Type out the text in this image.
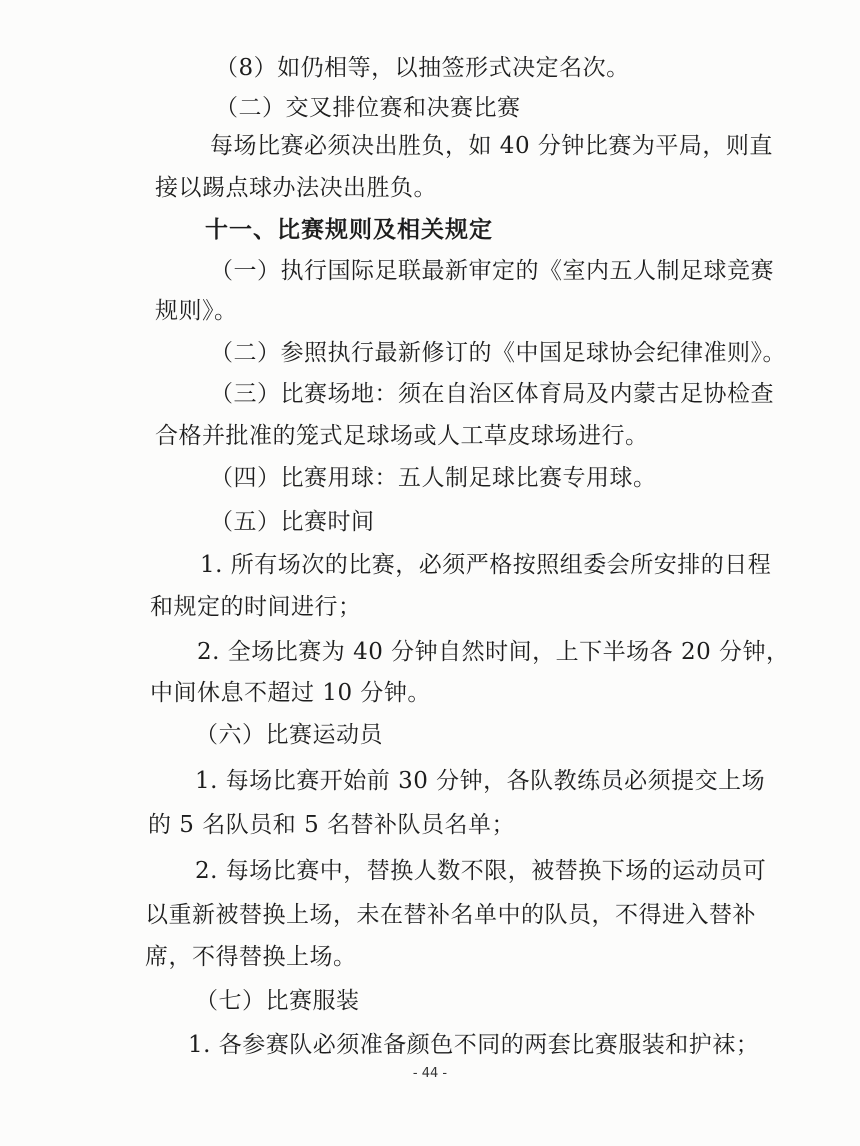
（8）如仍相等，以抽签形式决定名次。
（二）交叉排位赛和决赛比赛
每场比赛必须决出胜负，如 40 分钟比赛为平局，则直
接以踢点球办法决出胜负。
十一、比赛规则及相关规定
（一）执行国际足联最新审定的《室内五人制足球竞赛
规则》。
（二）参照执行最新修订的《中国足球协会纪律准则》。
（三）比赛场地：须在自治区体育局及内蒙古足协检查
合格并批准的笼式足球场或人工草皮球场进行。
（四）比赛用球：五人制足球比赛专用球。
（五）比赛时间
1. 所有场次的比赛，必须严格按照组委会所安排的日程
和规定的时间进行；
2. 全场比赛为 40 分钟自然时间，上下半场各 20 分钟，
中间休息不超过 10 分钟。
（六）比赛运动员
1. 每场比赛开始前 30 分钟，各队教练员必须提交上场
的 5 名队员和 5 名替补队员名单；
2. 每场比赛中，替换人数不限，被替换下场的运动员可
以重新被替换上场，未在替补名单中的队员，不得进入替补
席，不得替换上场。
（七）比赛服装
1. 各参赛队必须准备颜色不同的两套比赛服装和护袜；
- 44 -
